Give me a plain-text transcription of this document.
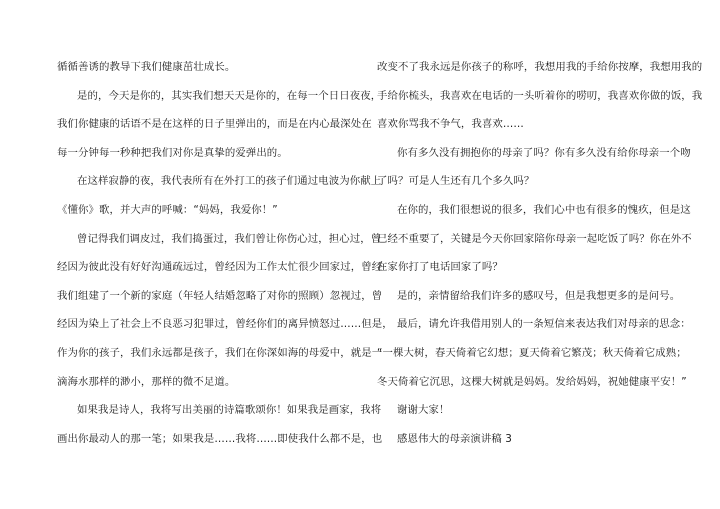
循循善诱的教导下我们健康茁壮成长。
是的，今天是你的，其实我们想天天是你的，在每一个日日夜夜，
我们你健康的话语不是在这样的日子里弹出的，而是在内心最深处在
每一分钟每一秒种把我们对你是真挚的爱弹出的。
在这样寂静的夜，我代表所有在外打工的孩子们通过电波为你献上
《懂你》歌，并大声的呼喊：“妈妈，我爱你！”
曾记得我们调皮过，我们捣蛋过，我们曾让你伤心过，担心过，曾
经因为彼此没有好好沟通疏远过，曾经因为工作太忙很少回家过，曾经
我们组建了一个新的家庭（年轻人结婚忽略了对你的照顾）忽视过，曾
经因为染上了社会上不良恶习犯罪过，曾经你们的离异愤怒过……但是，
作为你的孩子，我们永远都是孩子，我们在你深如海的母爱中，就是一
滴海水那样的渺小，那样的微不足道。
如果我是诗人，我将写出美丽的诗篇歌颂你！如果我是画家，我将
画出你最动人的那一笔；如果我是……我将……即使我什么都不是，也
改变不了我永远是你孩子的称呼，我想用我的手给你按摩，我想用我的
手给你梳头，我喜欢在电话的一头听着你的唠叨，我喜欢你做的饭，我
喜欢你骂我不争气，我喜欢……
你有多久没有拥抱你的母亲了吗？你有多久没有给你母亲一个吻
了吗？可是人生还有几个多久吗？
在你的，我们很想说的很多，我们心中也有很多的愧疚，但是这
已经不重要了，关键是今天你回家陪你母亲一起吃饭了吗？你在外不
在家你打了电话回家了吗？
是的，亲情留给我们许多的感叹号，但是我想更多的是问号。
最后，请允许我借用别人的一条短信来表达我们对母亲的思念：
“一棵大树，春天倚着它幻想；夏天倚着它繁茂；秋天倚着它成熟；
冬天倚着它沉思，这棵大树就是妈妈。发给妈妈，祝她健康平安！”
谢谢大家！
感恩伟大的母亲演讲稿 3
